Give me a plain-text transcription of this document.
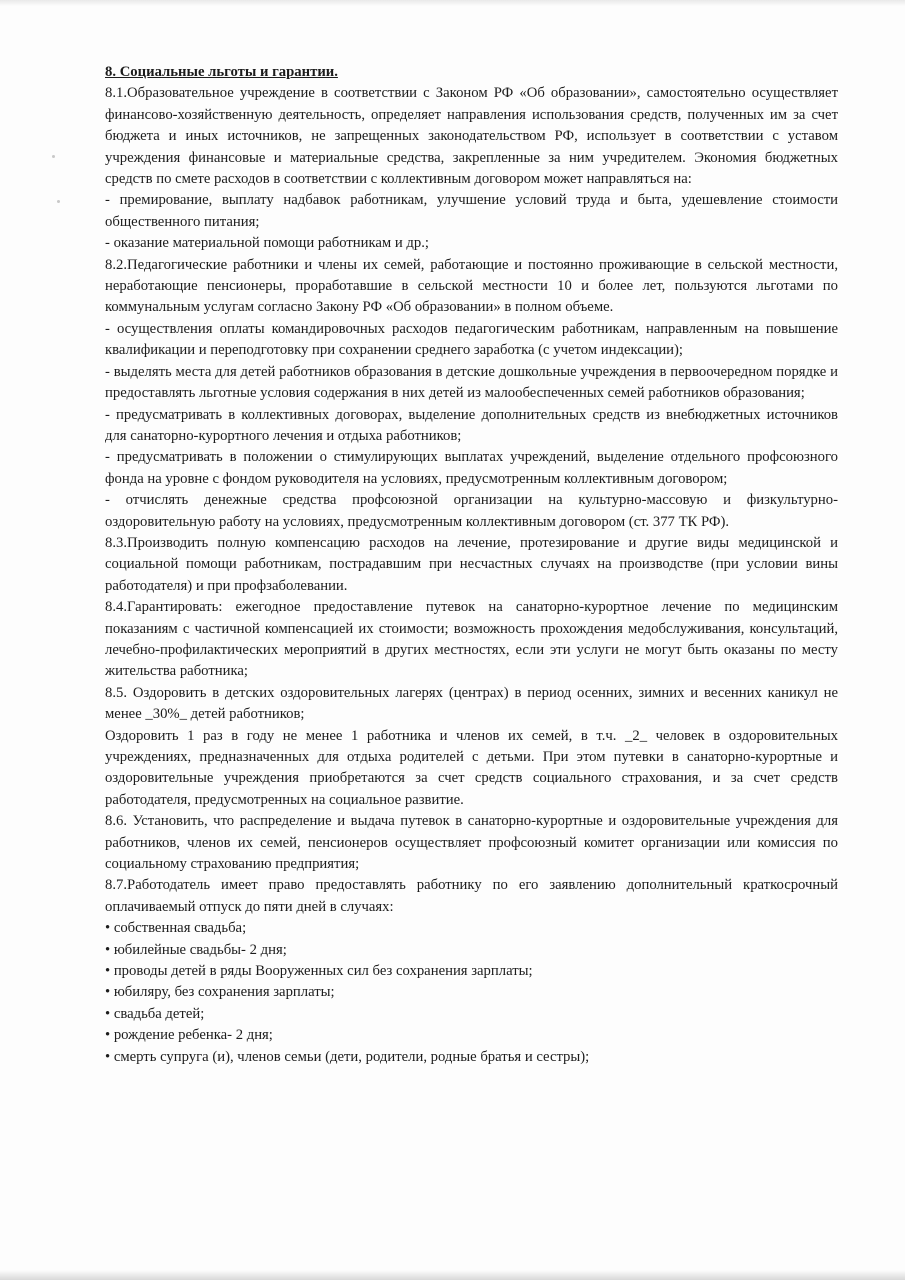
8. Социальные льготы и гарантии.

8.1.Образовательное учреждение в соответствии с Законом РФ «Об образовании», самостоятельно осуществляет финансово-хозяйственную деятельность, определяет направления использования средств, полученных им за счет бюджета и иных источников, не запрещенных законодательством РФ, использует в соответствии с уставом учреждения финансовые и материальные средства, закрепленные за ним учредителем. Экономия бюджетных средств по смете расходов в соответствии с коллективным договором может направляться на:

- премирование, выплату надбавок работникам, улучшение условий труда и быта, удешевление стоимости общественного питания;

- оказание материальной помощи работникам и др.;

8.2.Педагогические работники и члены их семей, работающие и постоянно проживающие в сельской местности, неработающие пенсионеры, проработавшие в сельской местности 10 и более лет, пользуются льготами по коммунальным услугам согласно Закону РФ «Об образовании» в полном объеме.

- осуществления оплаты командировочных расходов педагогическим работникам, направленным на повышение квалификации и переподготовку при сохранении среднего заработка (с учетом индексации);

- выделять места для детей работников образования в детские дошкольные учреждения в первоочередном порядке и предоставлять льготные условия содержания в них детей из малообеспеченных семей работников образования;

- предусматривать в коллективных договорах, выделение дополнительных средств из внебюджетных источников для санаторно-курортного лечения и отдыха работников;

- предусматривать в положении о стимулирующих выплатах учреждений, выделение отдельного профсоюзного фонда на уровне с фондом руководителя на условиях, предусмотренным коллективным договором;

- отчислять денежные средства профсоюзной организации на культурно-массовую и физкультурно-оздоровительную работу на условиях, предусмотренным коллективным договором (ст. 377 ТК РФ).

8.3.Производить полную компенсацию расходов на лечение, протезирование и другие виды медицинской и социальной помощи работникам, пострадавшим при несчастных случаях на производстве (при условии вины работодателя) и при профзаболевании.

8.4.Гарантировать: ежегодное предоставление путевок на санаторно-курортное лечение по медицинским показаниям с частичной компенсацией их стоимости; возможность прохождения медобслуживания, консультаций, лечебно-профилактических мероприятий в других местностях, если эти услуги не могут быть оказаны по месту жительства работника;

8.5. Оздоровить в детских оздоровительных лагерях (центрах) в период осенних, зимних и весенних каникул не менее _30%_ детей работников;

Оздоровить 1 раз в году не менее 1 работника и членов их семей, в т.ч. _2_ человек в оздоровительных учреждениях, предназначенных для отдыха родителей с детьми. При этом путевки в санаторно-курортные и оздоровительные учреждения приобретаются за счет средств социального страхования, и за счет средств работодателя, предусмотренных на социальное развитие.

8.6. Установить, что распределение и выдача путевок в санаторно-курортные и оздоровительные учреждения для работников, членов их семей, пенсионеров осуществляет профсоюзный комитет организации или комиссия по социальному страхованию предприятия;

8.7.Работодатель имеет право предоставлять работнику по его заявлению дополнительный краткосрочный оплачиваемый отпуск до пяти дней в случаях:

• собственная свадьба;

• юбилейные свадьбы- 2 дня;

• проводы детей в ряды Вооруженных сил без сохранения зарплаты;

• юбиляру, без сохранения зарплаты;

• свадьба детей;

• рождение ребенка- 2 дня;

• смерть супруга (и), членов семьи (дети, родители, родные братья и сестры);
